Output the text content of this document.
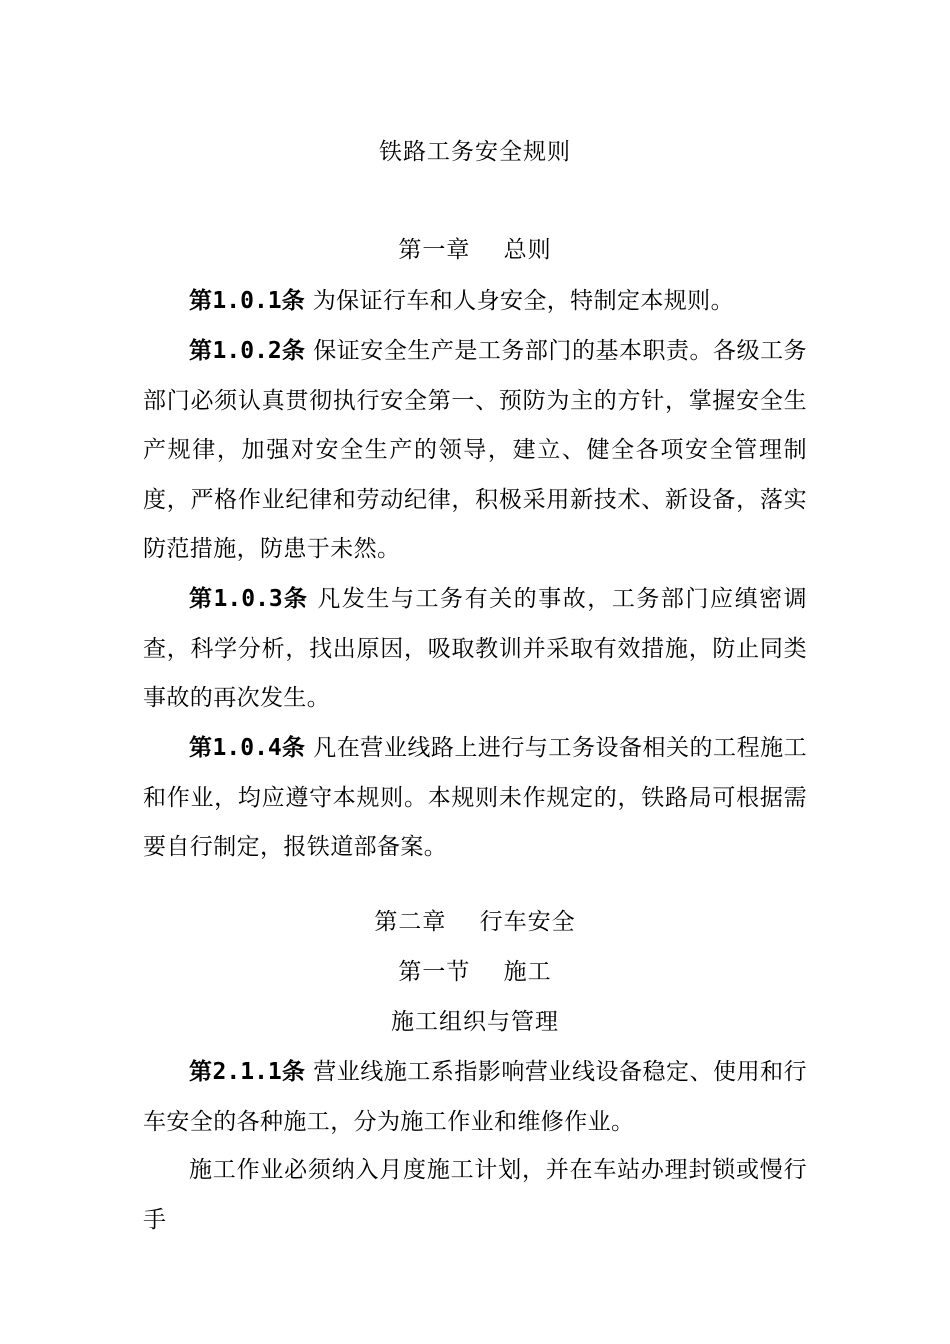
铁路工务安全规则
第一章    总则

第1.0.1条 为保证行车和人身安全，特制定本规则。

第1.0.2条 保证安全生产是工务部门的基本职责。各级工务部门必须认真贯彻执行安全第一、预防为主的方针，掌握安全生产规律，加强对安全生产的领导，建立、健全各项安全管理制度，严格作业纪律和劳动纪律，积极采用新技术、新设备，落实防范措施，防患于未然。

第1.0.3条 凡发生与工务有关的事故，工务部门应缜密调查，科学分析，找出原因，吸取教训并采取有效措施，防止同类事故的再次发生。

第1.0.4条 凡在营业线路上进行与工务设备相关的工程施工和作业，均应遵守本规则。本规则未作规定的，铁路局可根据需要自行制定，报铁道部备案。

第二章    行车安全
第一节    施工
施工组织与管理

第2.1.1条 营业线施工系指影响营业线设备稳定、使用和行车安全的各种施工，分为施工作业和维修作业。

施工作业必须纳入月度施工计划，并在车站办理封锁或慢行手
